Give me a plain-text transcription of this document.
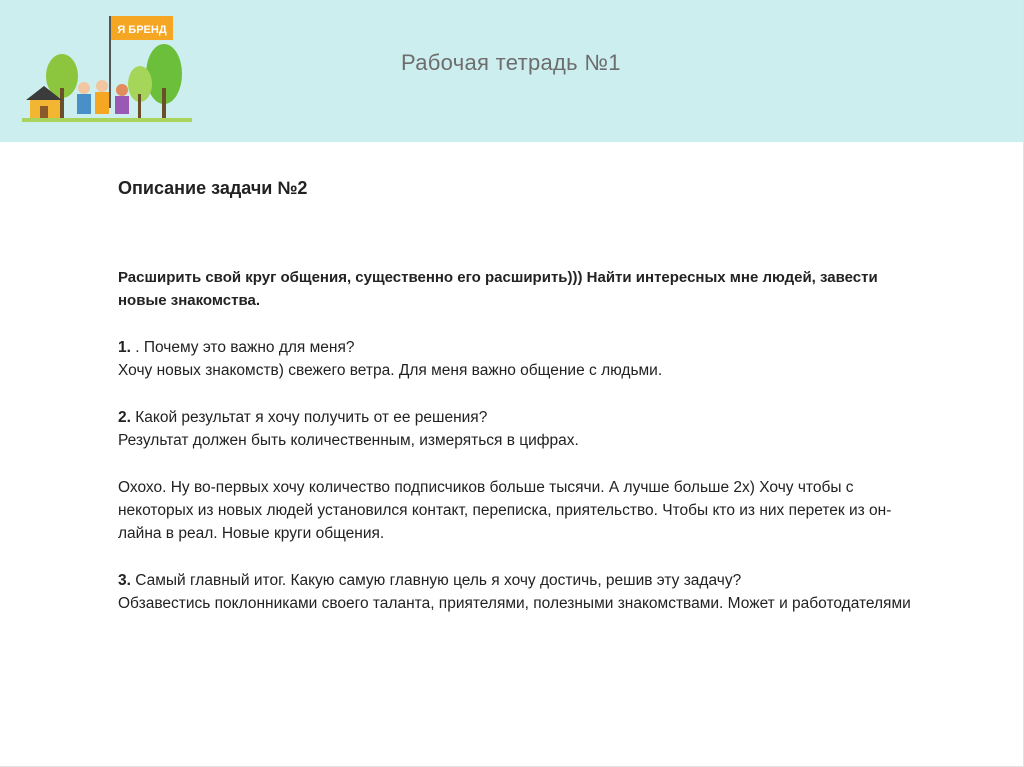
Я БРЕНД
Рабочая тетрадь №1
Описание задачи №2
Расширить свой круг общения, существенно его расширить))) Найти интересных мне людей, завести новые знакомства.
1. . Почему это важно для меня?
Хочу новых знакомств) свежего ветра. Для меня важно общение с людьми.
2. Какой результат я хочу получить от ее решения?
Результат должен быть количественным, измеряться в цифрах.
Охохо. Ну во-первых хочу количество подписчиков больше тысячи. А лучше больше 2х) Хочу чтобы с некоторых из новых людей установился контакт, переписка, приятельство. Чтобы кто из них перетек из он-лайна в реал. Новые круги общения.
3. Самый главный итог. Какую самую главную цель я хочу достичь, решив эту задачу?
Обзавестись поклонниками своего таланта, приятелями, полезными знакомствами. Может и работодателями
